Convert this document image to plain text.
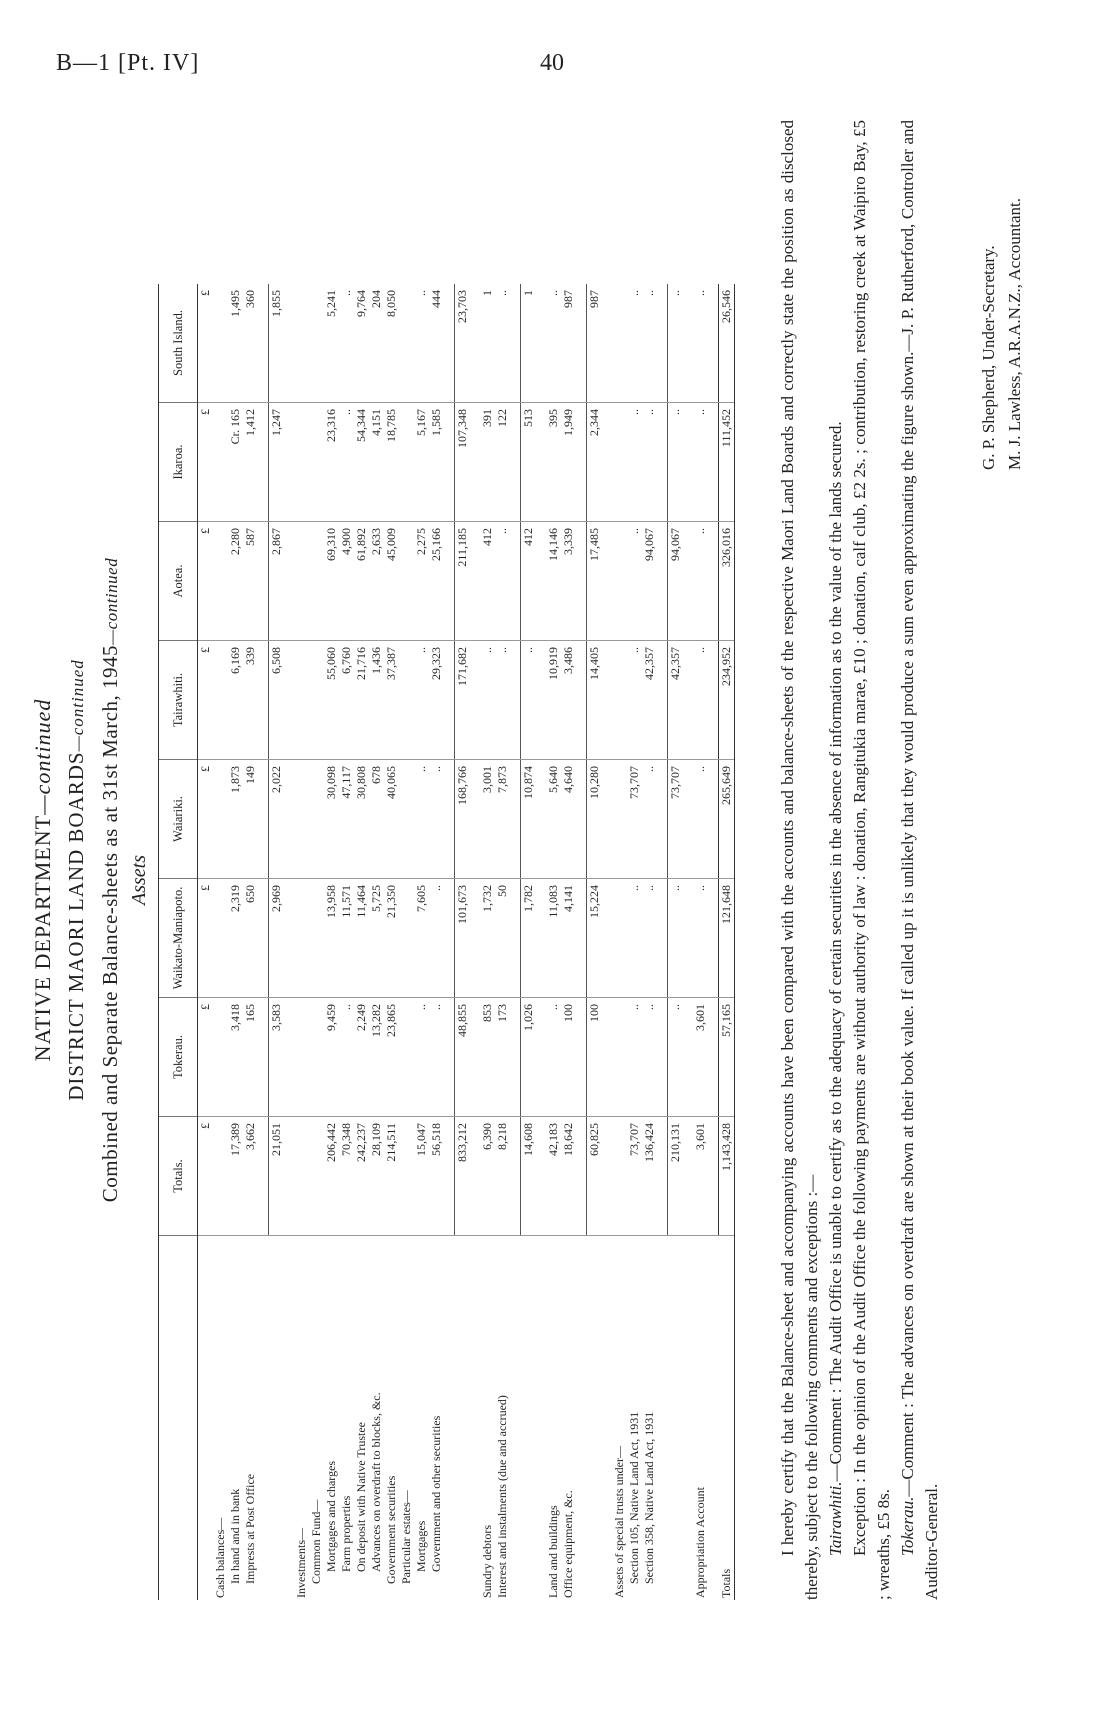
B—1 [Pt. IV]	40
NATIVE DEPARTMENT—continued DISTRICT MAORI LAND BOARDS—continued Combined and Separate Balance-sheets as at 31st March, 1945—continued
Assets
	Totals.	Tokerau.	Waikato-Maniapoto.	Waiariki.	Tairawhiti.	Aotea.	Ikaroa.	South Island.
	£	£	£	£	£	£	£	£
Cash balances—								
In hand and in bank	17,389	3,418	2,319	1,873	6,169	2,280	Cr. 165	1,495
Imprests at Post Office	3,662	165	650	149	339	587	1,412	360

	21,051	3,583	2,969	2,022	6,508	2,867	1,247	1,855

Investments—								
Common Fund—								
Mortgages and charges	206,442	9,459	13,958	30,098	55,060	69,310	23,316	5,241
Farm properties	70,348	..	11,571	47,117	6,760	4,900	..	..
On deposit with Native Trustee	242,237	2,249	11,464	30,808	21,716	61,892	54,344	9,764
Advances on overdraft to blocks, &c.	28,109	13,282	5,725	678	1,436	2,633	4,151	204
Government securities	214,511	23,865	21,350	40,065	37,387	45,009	18,785	8,050
Particular estates—								
Mortgages	15,047	..	7,605	..	..	2,275	5,167	..
Government and other securities	56,518	..	..	..	29,323	25,166	1,585	444

	833,212	48,855	101,673	168,766	171,682	211,185	107,348	23,703

Sundry debtors	6,390	853	1,732	3,001	..	412	391	1
Interest and instalments (due and accrued)	8,218	173	50	7,873	..	..	122	..

	14,608	1,026	1,782	10,874	..	412	513	1

Land and buildings	42,183	..	11,083	5,640	10,919	14,146	395	..
Office equipment, &c.	18,642	100	4,141	4,640	3,486	3,339	1,949	987

	60,825	100	15,224	10,280	14,405	17,485	2,344	987

Assets of special trusts under—								
Section 105, Native Land Act, 1931	73,707	..	..	73,707	..	..	..	..
Section 358, Native Land Act, 1931	136,424	..	..	..	42,357	94,067	..	..

	210,131	..	..	73,707	42,357	94,067	..	..

Appropriation Account	3,601	3,601	..	..	..	..	..	..

Totals	1,143,428	57,165	121,648	265,649	234,952	326,016	111,452	26,546	I hereby certify that the Balance-sheet and accompanying accounts have been compared with the accounts and balance-sheets of the respective Maori Land Boards and correctly state the position as disclosed thereby, subject to the following comments and exceptions :— Tairawhiti.—Comment : The Audit Office is unable to certify as to the adequacy of certain securities in the absence of information as to the value of the lands secured. Exception : In the opinion of the Audit Office the following payments are without authority of law : donation, Rangitukia marae, £10 ; donation, calf club, £2 2s. ; contribution, restoring creek at Waipiro Bay, £5 ; wreaths, £5 8s. Tokerau.—Comment : The advances on overdraft are shown at their book value. If called up it is unlikely that they would produce a sum even approximating the figure shown.—J. P. Rutherford, Controller and Auditor-General.

G. P. Shepherd, Under-Secretary. M. J. Lawless, A.R.A.N.Z., Accountant.
